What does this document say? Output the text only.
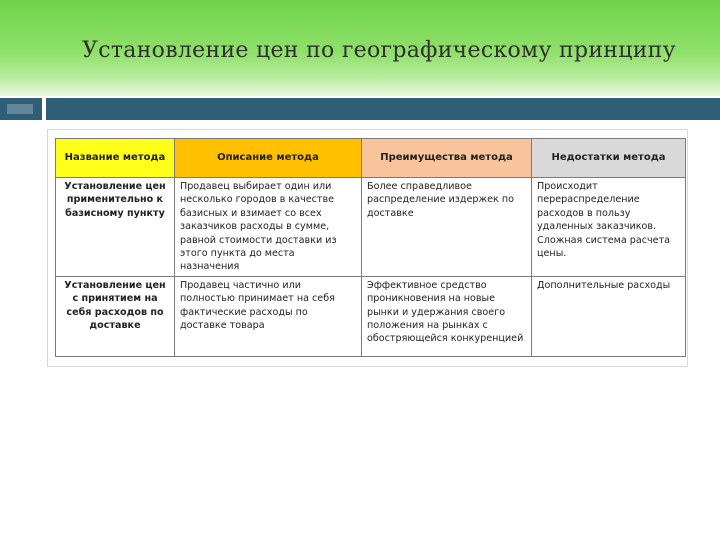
Установление цен по географическому принципу
Название метода	Описание метода	Преимущества метода	Недостатки метода
Установление цен применительно к базисному пункту	Продавец выбирает один или несколько городов в качестве базисных и взимает со всех заказчиков расходы в сумме, равной стоимости доставки из этого пункта до места назначения	Более справедливое распределение издержек по доставке	Происходит перераспределение расходов в пользу удаленных заказчиков. Сложная система расчета цены.
Установление цен с принятием на себя расходов по доставке	Продавец частично или полностью принимает на себя фактические расходы по доставке товара	Эффективное средство проникновения на новые рынки и удержания своего положения на рынках с обостряющейся конкуренцией	Дополнительные расходы
